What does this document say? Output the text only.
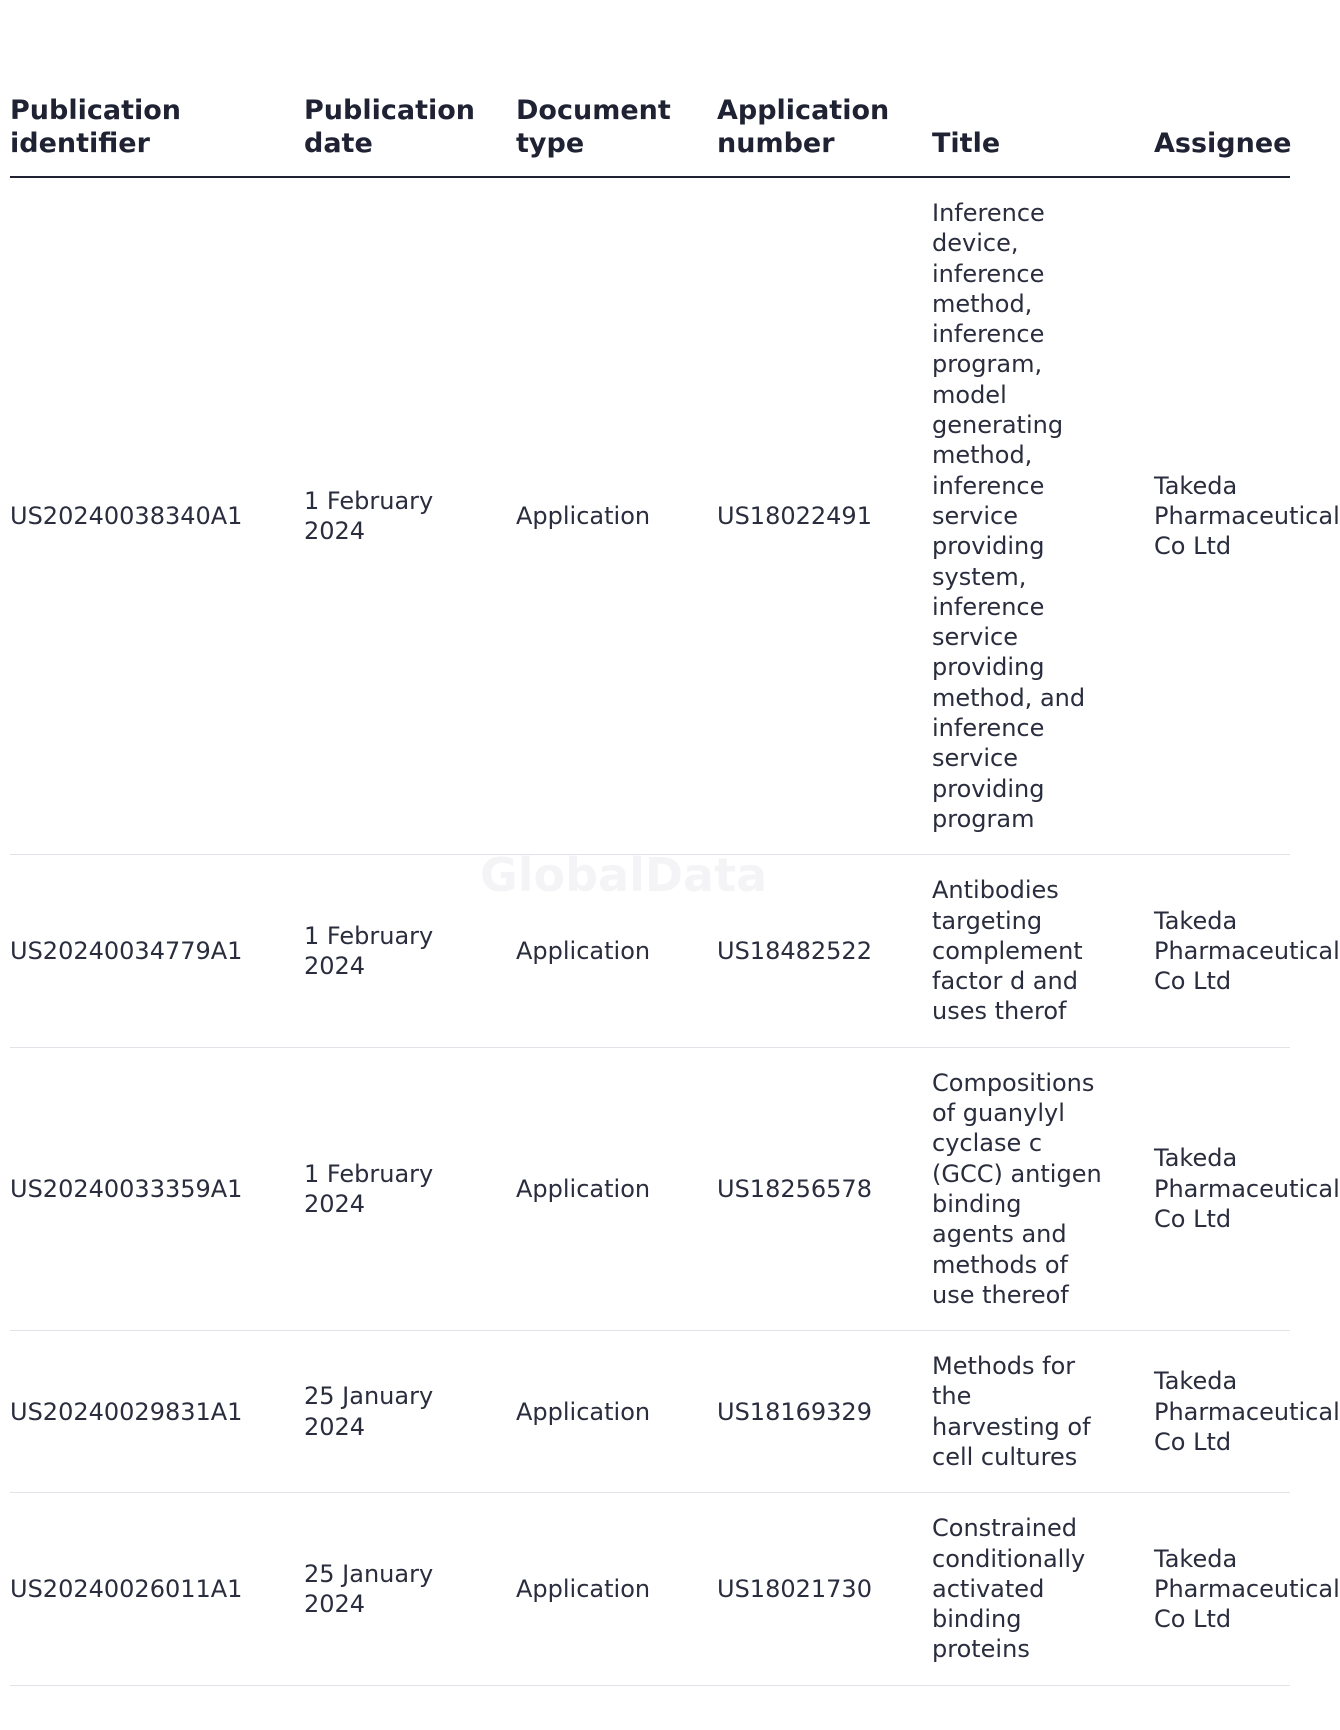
GlobalData
Publication identifier	Publication date	Document type	Application number	Title	Assignee
US20240038340A1	1 February 2024	Application	US18022491	Inference device, inference method, inference program, model generating method, inference service providing system, inference service providing method, and inference service providing program	Takeda Pharmaceutical Co Ltd

US20240034779A1	1 February 2024	Application	US18482522	Antibodies targeting complement factor d and uses therof	Takeda Pharmaceutical Co Ltd

US20240033359A1	1 February 2024	Application	US18256578	Compositions of guanylyl cyclase c (GCC) antigen binding agents and methods of use thereof	Takeda Pharmaceutical Co Ltd

US20240029831A1	25 January 2024	Application	US18169329	Methods for the harvesting of cell cultures	Takeda Pharmaceutical Co Ltd

US20240026011A1	25 January 2024	Application	US18021730	Constrained conditionally activated binding proteins	Takeda Pharmaceutical Co Ltd
